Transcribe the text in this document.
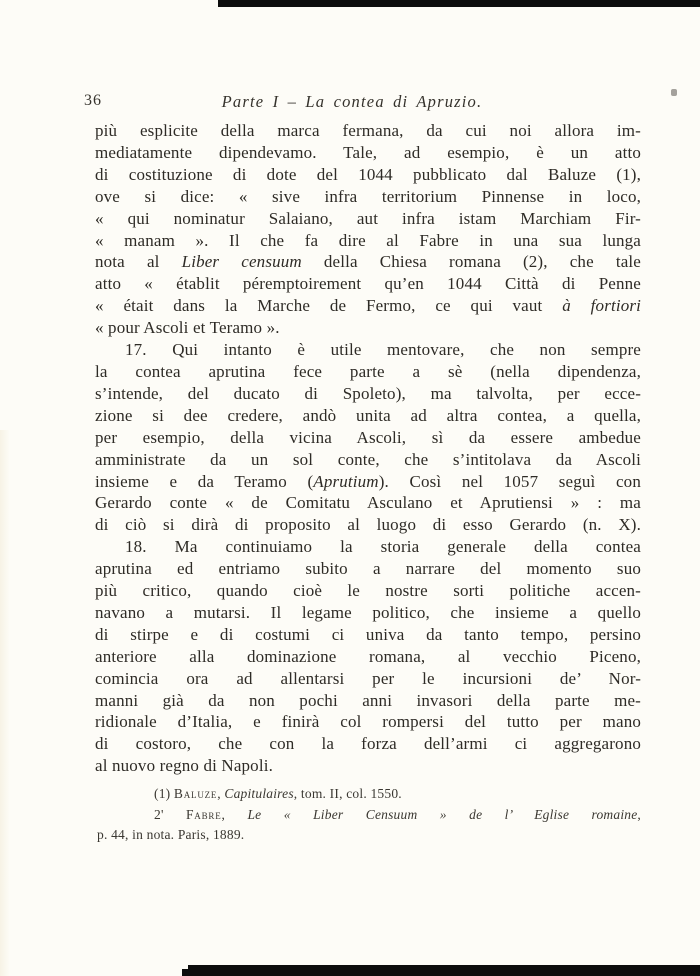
36	Parte I – La contea di Apruzio.
più esplicite della marca fermana, da cui noi allora im-
mediatamente dipendevamo. Tale, ad esempio, è un atto
di costituzione di dote del 1044 pubblicato dal Baluze (1),
ove si dice: « sive infra territorium Pinnense in loco,
« qui nominatur Salaiano, aut infra istam Marchiam Fir-
« manam ». Il che fa dire al Fabre in una sua lunga
nota al Liber censuum della Chiesa romana (2), che tale
atto « établit péremptoirement qu’en 1044 Città di Penne
« était dans la Marche de Fermo, ce qui vaut à fortiori
« pour Ascoli et Teramo ».
17. Qui intanto è utile mentovare, che non sempre
la contea aprutina fece parte a sè (nella dipendenza,
s’intende, del ducato di Spoleto), ma talvolta, per ecce-
zione si dee credere, andò unita ad altra contea, a quella,
per esempio, della vicina Ascoli, sì da essere ambedue
amministrate da un sol conte, che s’intitolava da Ascoli
insieme e da Teramo (Aprutium). Così nel 1057 seguì con
Gerardo conte « de Comitatu Asculano et Aprutiensi » : ma
di ciò si dirà di proposito al luogo di esso Gerardo (n. X).
18. Ma continuiamo la storia generale della contea
aprutina ed entriamo subito a narrare del momento suo
più critico, quando cioè le nostre sorti politiche accen-
navano a mutarsi. Il legame politico, che insieme a quello
di stirpe e di costumi ci univa da tanto tempo, persino
anteriore alla dominazione romana, al vecchio Piceno,
comincia ora ad allentarsi per le incursioni de’ Nor-
manni già da non pochi anni invasori della parte me-
ridionale d’Italia, e finirà col rompersi del tutto per mano
di costoro, che con la forza dell’armi ci aggregarono
al nuovo regno di Napoli.
(1) Baluze, Capitulaires, tom. II, col. 1550.
2' Fabre, Le « Liber Censuum » de l’ Eglise romaine,
p. 44, in nota. Paris, 1889.
